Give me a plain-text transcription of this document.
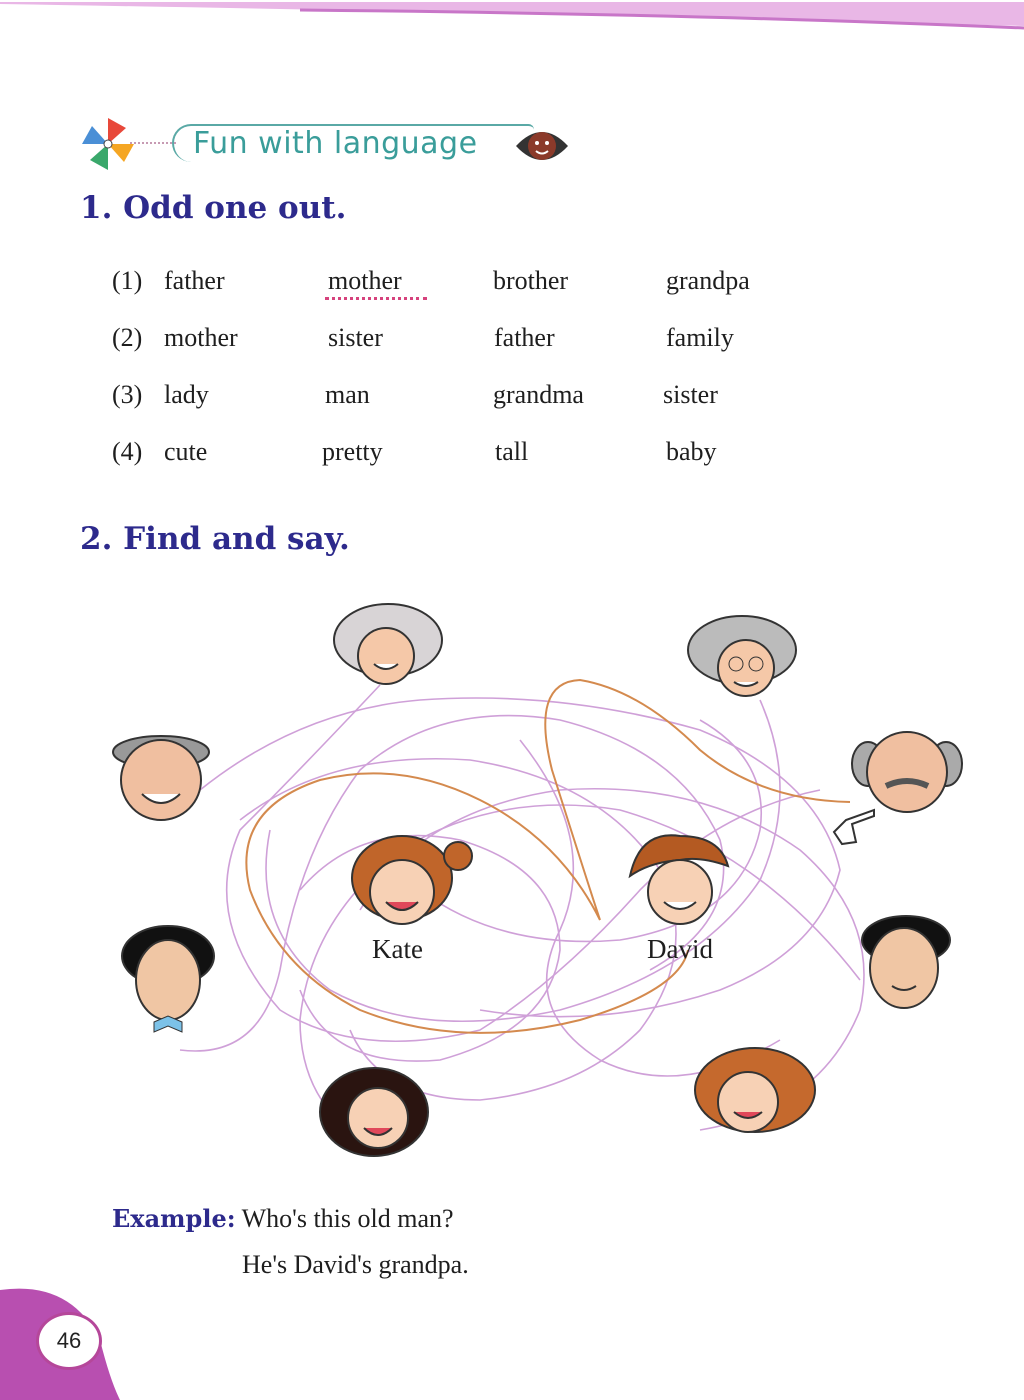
Fun with language
1. Odd one out.
(1) father	mother	brother	grandpa
(2) mother	sister	father	family
(3) lady	man	grandma	sister
(4) cute	pretty	tall	baby
2. Find and say.
Kate	David
Example: Who's this old man?
He's David's grandpa.
46
